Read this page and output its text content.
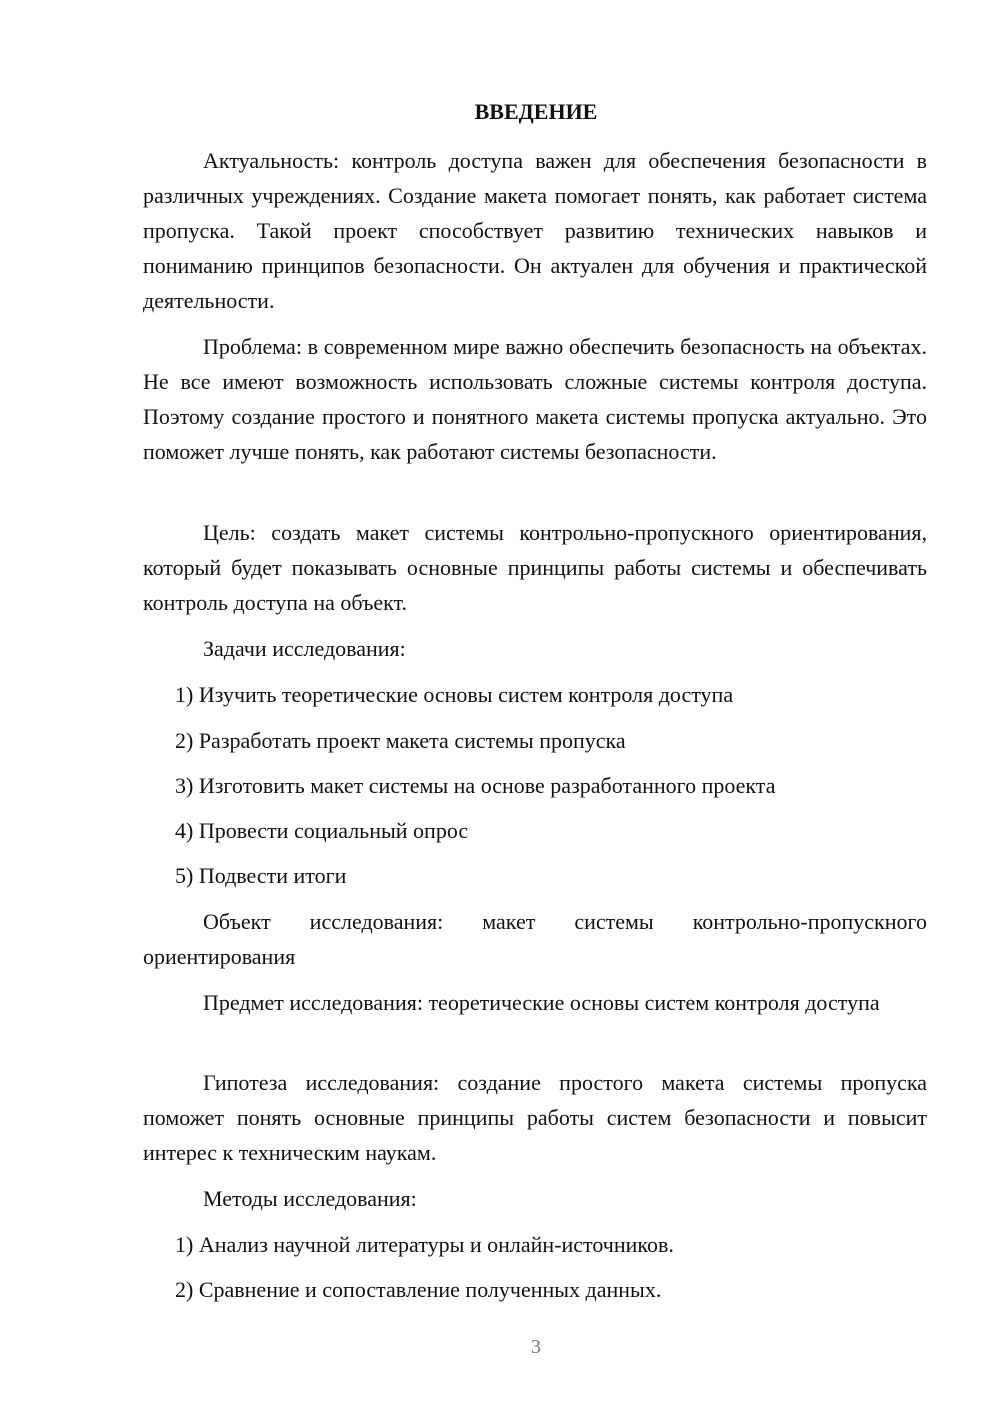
ВВЕДЕНИЕ
Актуальность: контроль доступа важен для обеспечения безопасности в различных учреждениях. Создание макета помогает понять, как работает система пропуска. Такой проект способствует развитию технических навыков и пониманию принципов безопасности. Он актуален для обучения и практической деятельности.
Проблема: в современном мире важно обеспечить безопасность на объектах. Не все имеют возможность использовать сложные системы контроля доступа. Поэтому создание простого и понятного макета системы пропуска актуально. Это поможет лучше понять, как работают системы безопасности.
Цель: создать макет системы контрольно-пропускного ориентирования, который будет показывать основные принципы работы системы и обеспечивать контроль доступа на объект.
Задачи исследования:
1) Изучить теоретические основы систем контроля доступа
2) Разработать проект макета системы пропуска
3) Изготовить макет системы на основе разработанного проекта
4) Провести социальный опрос
5) Подвести итоги
Объект исследования: макет системы контрольно-пропускного ориентирования
Предмет исследования: теоретические основы систем контроля доступа
Гипотеза исследования: создание простого макета системы пропуска поможет понять основные принципы работы систем безопасности и повысит интерес к техническим наукам.
Методы исследования:
1) Анализ научной литературы и онлайн-источников.
2) Сравнение и сопоставление полученных данных.
3
